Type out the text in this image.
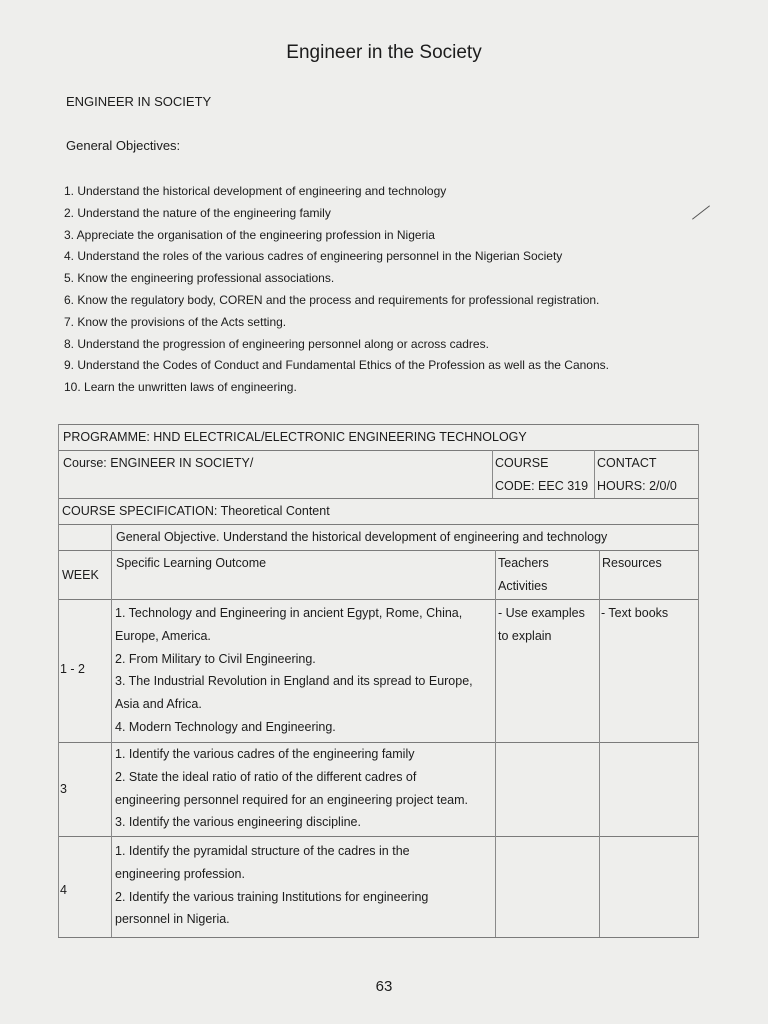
Engineer in the Society
ENGINEER IN SOCIETY
General Objectives:
1. Understand the historical development of engineering and technology
2. Understand the nature of the engineering family
3. Appreciate the organisation of the engineering profession in Nigeria
4. Understand the roles of the various cadres of engineering personnel in the Nigerian Society
5. Know the engineering professional associations.
6. Know the regulatory body, COREN and the process and requirements for professional registration.
7. Know the provisions of the Acts setting.
8. Understand the progression of engineering personnel along or across cadres.
9. Understand the Codes of Conduct and Fundamental Ethics of the Profession as well as the Canons.
10. Learn the unwritten laws of engineering.
PROGRAMME: HND ELECTRICAL/ELECTRONIC ENGINEERING TECHNOLOGY
Course: ENGINEER IN SOCIETY/	COURSE
CODE: EEC 319
CONTACT
HOURS: 2/0/0
COURSE SPECIFICATION: Theoretical Content
General Objective. Understand the historical development of engineering and technology
WEEK
Specific Learning Outcome	Teachers
Activities
Resources
1 - 2
1. Technology and Engineering in ancient Egypt, Rome, China,
Europe, America.
2. From Military to Civil Engineering.
3. The Industrial Revolution in England and its spread to Europe,
Asia and Africa.
4. Modern Technology and Engineering.
- Use examples
to explain
- Text books
3
1. Identify the various cadres of the engineering family
2. State the ideal ratio of ratio of the different cadres of
engineering personnel required for an engineering project team.
3. Identify the various engineering discipline.
4
1. Identify the pyramidal structure of the cadres in the
engineering profession.
2. Identify the various training Institutions for engineering
personnel in Nigeria.
63
